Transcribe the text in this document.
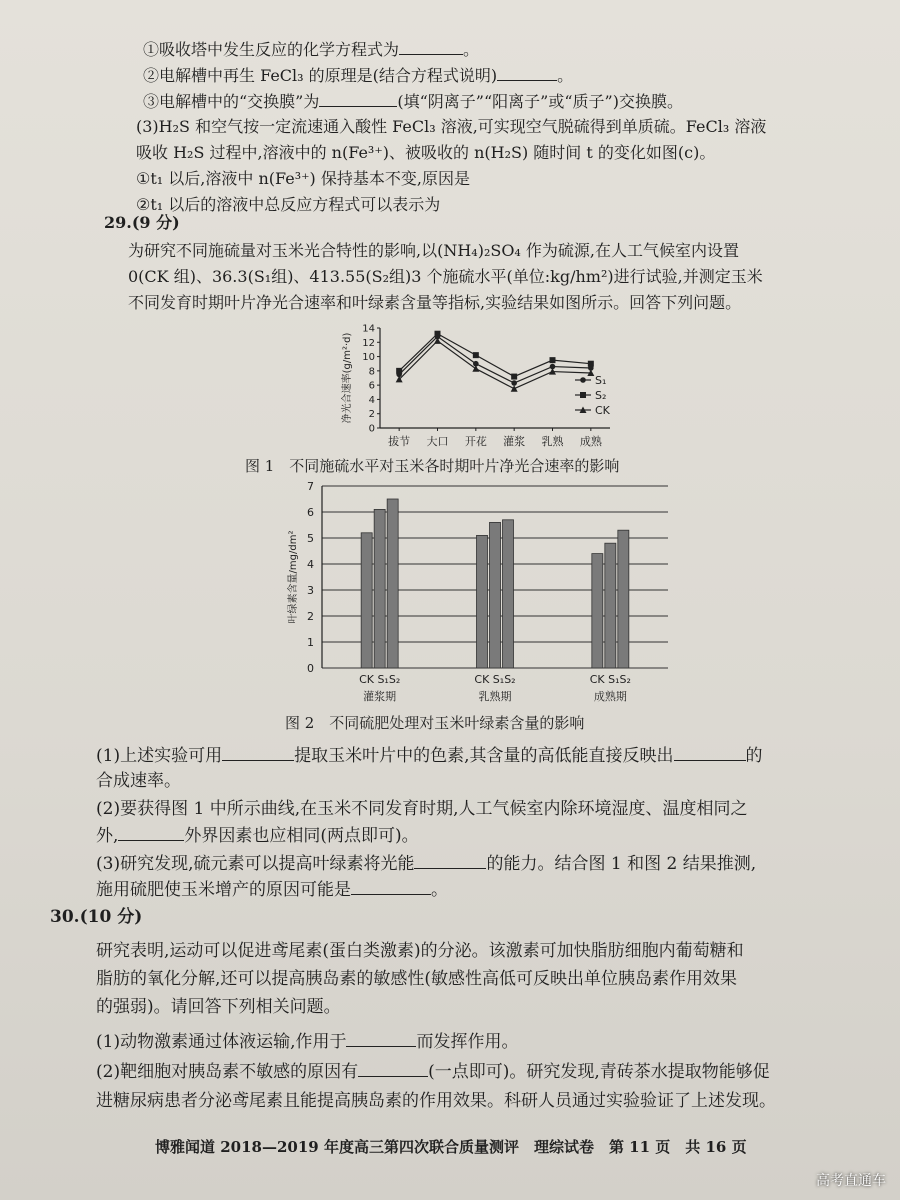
①吸收塔中发生反应的化学方程式为	。
②电解槽中再生 FeCl₃ 的原理是(结合方程式说明)	。
③电解槽中的“交换膜”为	(填“阴离子”“阳离子”或“质子”)交换膜。
(3)H₂S 和空气按一定流速通入酸性 FeCl₃ 溶液,可实现空气脱硫得到单质硫。FeCl₃ 溶液
吸收 H₂S 过程中,溶液中的 n(Fe³⁺)、被吸收的 n(H₂S) 随时间 t 的变化如图(c)。
①t₁ 以后,溶液中 n(Fe³⁺) 保持基本不变,原因是
②t₁ 以后的溶液中总反应方程式可以表示为
29.(9 分)
为研究不同施硫量对玉米光合特性的影响,以(NH₄)₂SO₄ 作为硫源,在人工气候室内设置
0(CK 组)、36.3(S₁组)、413.55(S₂组)3 个施硫水平(单位:kg/hm²)进行试验,并测定玉米
不同发育时期叶片净光合速率和叶绿素含量等指标,实验结果如图所示。回答下列问题。
0
2
4
6
8
10
12
14
拔节 大口 开花 灌浆 乳熟 成熟
净光合速率(g/m²·d)	S₁
S₂
CK
图 1　不同施硫水平对玉米各时期叶片净光合速率的影响
0
1
2
3
4
5
6
7
叶绿素含量/mg/dm²
CK S₁S₂
灌浆期
CK S₁S₂
乳熟期
CK S₁S₂
成熟期
图 2　不同硫肥处理对玉米叶绿素含量的影响
(1)上述实验可用	提取玉米叶片中的色素,其含量的高低能直接反映出	的
合成速率。
(2)要获得图 1 中所示曲线,在玉米不同发育时期,人工气候室内除环境湿度、温度相同之
外,	外界因素也应相同(两点即可)。
(3)研究发现,硫元素可以提高叶绿素将光能	的能力。结合图 1 和图 2 结果推测,
施用硫肥使玉米增产的原因可能是	。
30.(10 分)
研究表明,运动可以促进鸢尾素(蛋白类激素)的分泌。该激素可加快脂肪细胞内葡萄糖和
脂肪的氧化分解,还可以提高胰岛素的敏感性(敏感性高低可反映出单位胰岛素作用效果
的强弱)。请回答下列相关问题。
(1)动物激素通过体液运输,作用于	而发挥作用。
(2)靶细胞对胰岛素不敏感的原因有	(一点即可)。研究发现,青砖茶水提取物能够促
进糖尿病患者分泌鸢尾素且能提高胰岛素的作用效果。科研人员通过实验验证了上述发现。
博雅闻道 2018—2019 年度高三第四次联合质量测评　理综试卷　第 11 页　共 16 页
高考直通车
